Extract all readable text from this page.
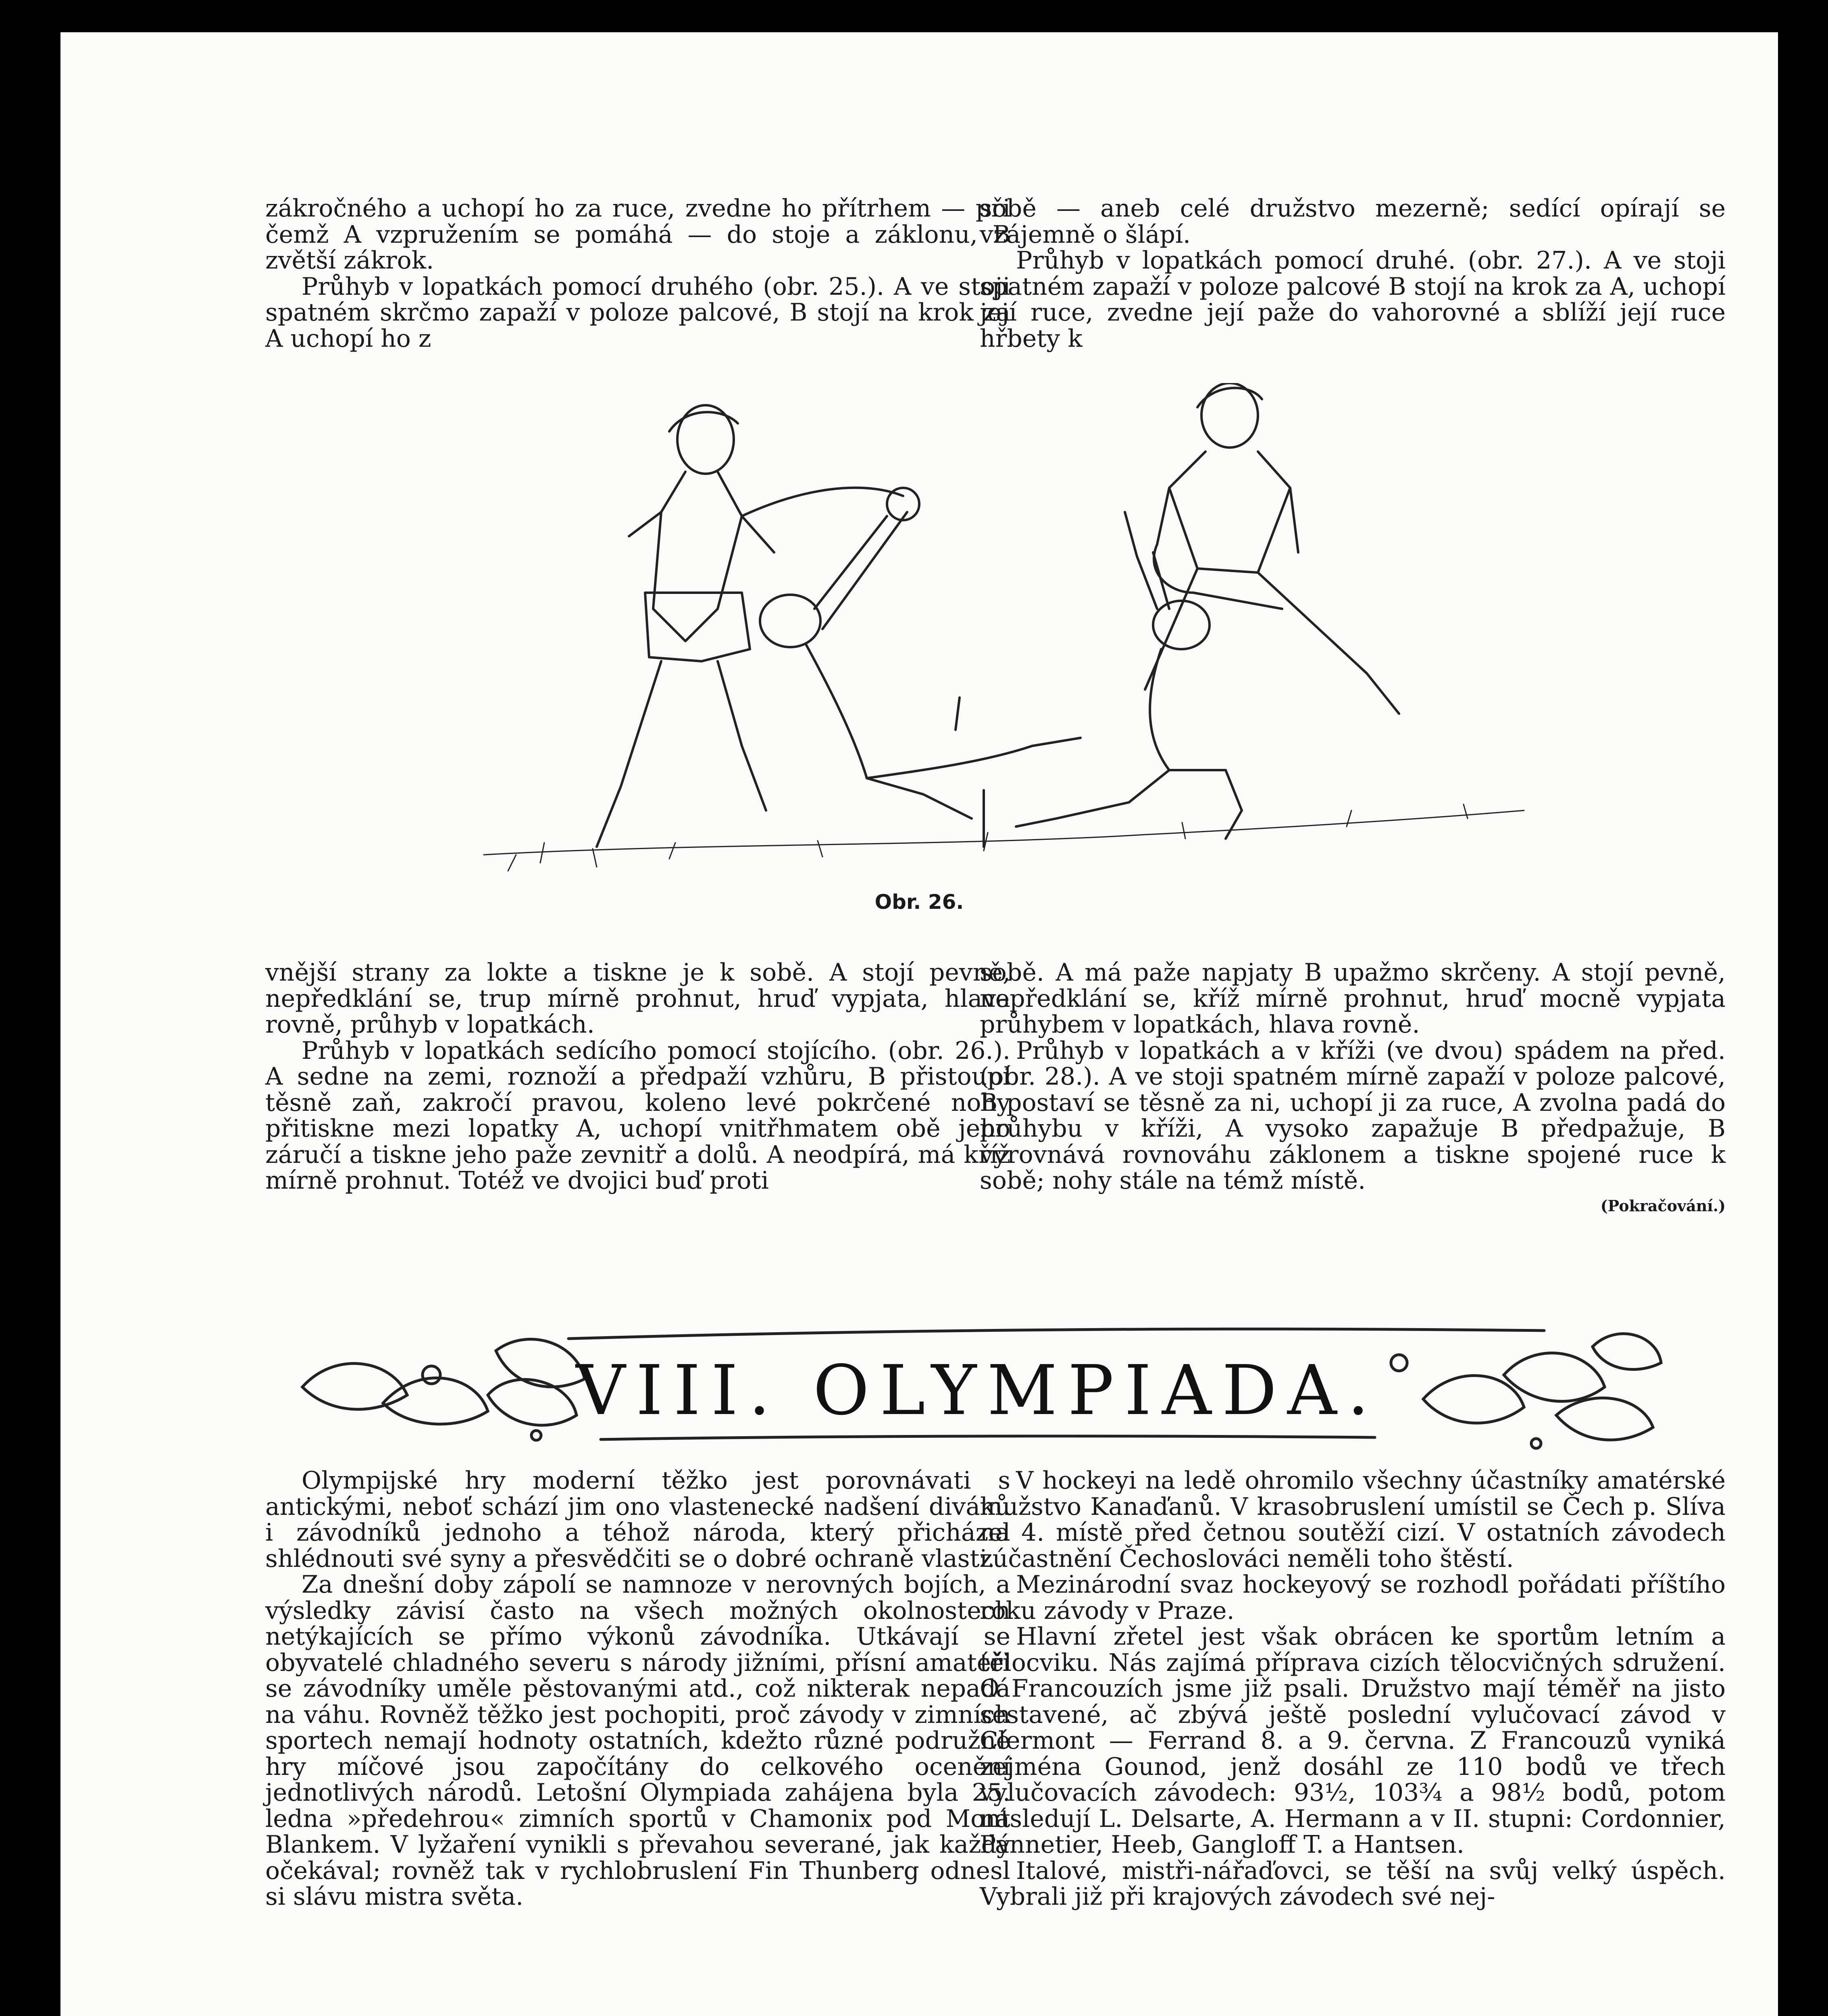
zákročného a uchopí ho za ruce, zvedne ho přítrhem — při čemž A vzpružením se pomáhá — do stoje a záklonu, B zvětší zákrok.

Průhyb v lopatkách pomocí druhého (obr. 25.). A ve stoji spatném skrčmo zapaží v poloze palcové, B stojí na krok za A uchopí ho z

sobě — aneb celé družstvo mezerně; sedící opírají se vzájemně o šlápí.

Průhyb v lopatkách pomocí druhé. (obr. 27.). A ve stoji spatném zapaží v poloze palcové B stojí na krok za A, uchopí její ruce, zvedne její paže do vahorovné a sblíží její ruce hřbety k

Obr. 26.

vnější strany za lokte a tiskne je k sobě. A stojí pevně, nepředklání se, trup mírně prohnut, hruď vypjata, hlava rovně, průhyb v lopatkách.

Průhyb v lopatkách sedícího pomocí stojícího. (obr. 26.). A sedne na zemi, roznoží a předpaží vzhůru, B přistoupí těsně zaň, zakročí pravou, koleno levé pokrčené nohy přitiskne mezi lopatky A, uchopí vnitřhmatem obě jeho záručí a tiskne jeho paže zevnitř a dolů. A neodpírá, má kříž mírně prohnut. Totéž ve dvojici buď proti

sobě. A má paže napjaty B upažmo skrčeny. A stojí pevně, nepředklání se, kříž mírně prohnut, hruď mocně vypjata průhybem v lopatkách, hlava rovně.

Průhyb v lopatkách a v kříži (ve dvou) spádem na před. (obr. 28.). A ve stoji spatném mírně zapaží v poloze palcové, B postaví se těsně za ni, uchopí ji za ruce, A zvolna padá do průhybu v kříži, A vysoko zapažuje B předpažuje, B vyrovnává rovnováhu záklonem a tiskne spojené ruce k sobě; nohy stále na témž místě.

(Pokračování.)

VIII. OLYMPIADA.

Olympijské hry moderní těžko jest porovnávati s antickými, neboť schází jim ono vlastenecké nadšení diváků i závodníků jednoho a téhož národa, který přicházel shlédnouti své syny a přesvědčiti se o dobré ochraně vlasti.

Za dnešní doby zápolí se namnoze v nerovných bojích, a výsledky závisí často na všech možných okolnostech netýkajících se přímo výkonů závodníka. Utkávají se obyvatelé chladného severu s národy jižními, přísní amatéři se závodníky uměle pěstovanými atd., což nikterak nepadá na váhu. Rovněž těžko jest pochopiti, proč závody v zimních sportech nemají hodnoty ostatních, kdežto různé podružné hry míčové jsou započítány do celkového ocenění jednotlivých národů. Letošní Olympiada zahájena byla 25. ledna »předehrou« zimních sportů v Chamonix pod Mont Blankem. V lyžaření vynikli s převahou severané, jak každý očekával; rovněž tak v rychlobruslení Fin Thunberg odnesl si slávu mistra světa.

V hockeyi na ledě ohromilo všechny účastníky amatérské mužstvo Kanaďanů. V krasobruslení umístil se Čech p. Slíva na 4. místě před četnou soutěží cizí. V ostatních závodech zúčastnění Čechoslováci neměli toho štěstí.

Mezinárodní svaz hockeyový se rozhodl pořádati příštího roku závody v Praze.

Hlavní zřetel jest však obrácen ke sportům letním a tělocviku. Nás zajímá příprava cizích tělocvičných sdružení. O Francouzích jsme již psali. Družstvo mají téměř na jisto sestavené, ač zbývá ještě poslední vylučovací závod v Clermont — Ferrand 8. a 9. června. Z Francouzů vyniká zejména Gounod, jenž dosáhl ze 110 bodů ve třech vylučovacích závodech: 93½, 103¾ a 98½ bodů, potom následují L. Delsarte, A. Hermann a v II. stupni: Cordonnier, Pannetier, Heeb, Gangloff T. a Hantsen.

Italové, mistři-nářaďovci, se těší na svůj velký úspěch. Vybrali již při krajových závodech své nej-
